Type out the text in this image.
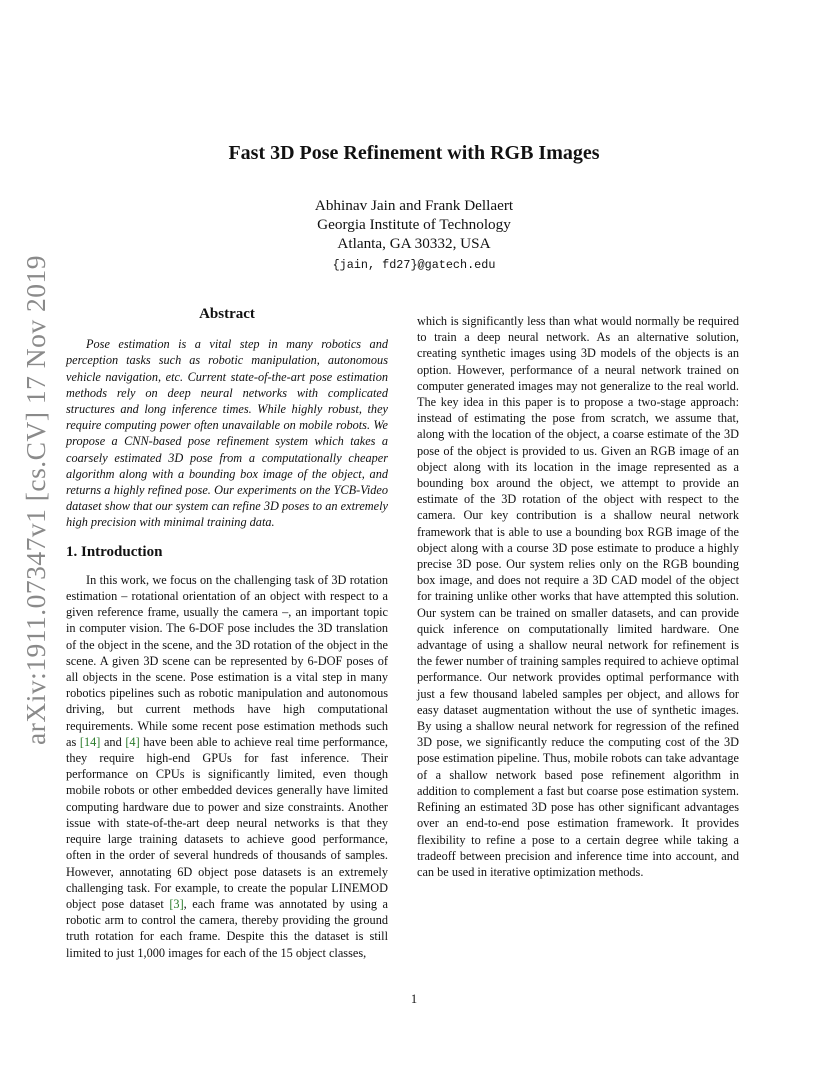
arXiv:1911.07347v1 [cs.CV] 17 Nov 2019
Fast 3D Pose Refinement with RGB Images
Abhinav Jain and Frank Dellaert
Georgia Institute of Technology
Atlanta, GA 30332, USA
{jain, fd27}@gatech.edu
Abstract

Pose estimation is a vital step in many robotics and perception tasks such as robotic manipulation, autonomous vehicle navigation, etc. Current state-of-the-art pose estimation methods rely on deep neural networks with complicated structures and long inference times. While highly robust, they require computing power often unavailable on mobile robots. We propose a CNN-based pose refinement system which takes a coarsely estimated 3D pose from a computationally cheaper algorithm along with a bounding box image of the object, and returns a highly refined pose. Our experiments on the YCB-Video dataset show that our system can refine 3D poses to an extremely high precision with minimal training data.

1. Introduction

In this work, we focus on the challenging task of 3D rotation estimation – rotational orientation of an object with respect to a given reference frame, usually the camera –, an important topic in computer vision. The 6-DOF pose includes the 3D translation of the object in the scene, and the 3D rotation of the object in the scene. A given 3D scene can be represented by 6-DOF poses of all objects in the scene. Pose estimation is a vital step in many robotics pipelines such as robotic manipulation and autonomous driving, but current methods have high computational requirements. While some recent pose estimation methods such as [14] and [4] have been able to achieve real time performance, they require high-end GPUs for fast inference. Their performance on CPUs is significantly limited, even though mobile robots or other embedded devices generally have limited computing hardware due to power and size constraints. Another issue with state-of-the-art deep neural networks is that they require large training datasets to achieve good performance, often in the order of several hundreds of thousands of samples. However, annotating 6D object pose datasets is an extremely challenging task. For example, to create the popular LINEMOD object pose dataset [3], each frame was annotated by using a robotic arm to control the camera, thereby providing the ground truth rotation for each frame. Despite this the dataset is still limited to just 1,000 images for each of the 15 object classes,

which is significantly less than what would normally be required to train a deep neural network. As an alternative solution, creating synthetic images using 3D models of the objects is an option. However, performance of a neural network trained on computer generated images may not generalize to the real world. The key idea in this paper is to propose a two-stage approach: instead of estimating the pose from scratch, we assume that, along with the location of the object, a coarse estimate of the 3D pose of the object is provided to us. Given an RGB image of an object along with its location in the image represented as a bounding box around the object, we attempt to provide an estimate of the 3D rotation of the object with respect to the camera. Our key contribution is a shallow neural network framework that is able to use a bounding box RGB image of the object along with a course 3D pose estimate to produce a highly precise 3D pose. Our system relies only on the RGB bounding box image, and does not require a 3D CAD model of the object for training unlike other works that have attempted this solution. Our system can be trained on smaller datasets, and can provide quick inference on computationally limited hardware. One advantage of using a shallow neural network for refinement is the fewer number of training samples required to achieve optimal performance. Our network provides optimal performance with just a few thousand labeled samples per object, and allows for easy dataset augmentation without the use of synthetic images. By using a shallow neural network for regression of the refined 3D pose, we significantly reduce the computing cost of the 3D pose estimation pipeline. Thus, mobile robots can take advantage of a shallow network based pose refinement algorithm in addition to complement a fast but coarse pose estimation system. Refining an estimated 3D pose has other significant advantages over an end-to-end pose estimation framework. It provides flexibility to refine a pose to a certain degree while taking a tradeoff between precision and inference time into account, and can be used in iterative optimization methods.

1
